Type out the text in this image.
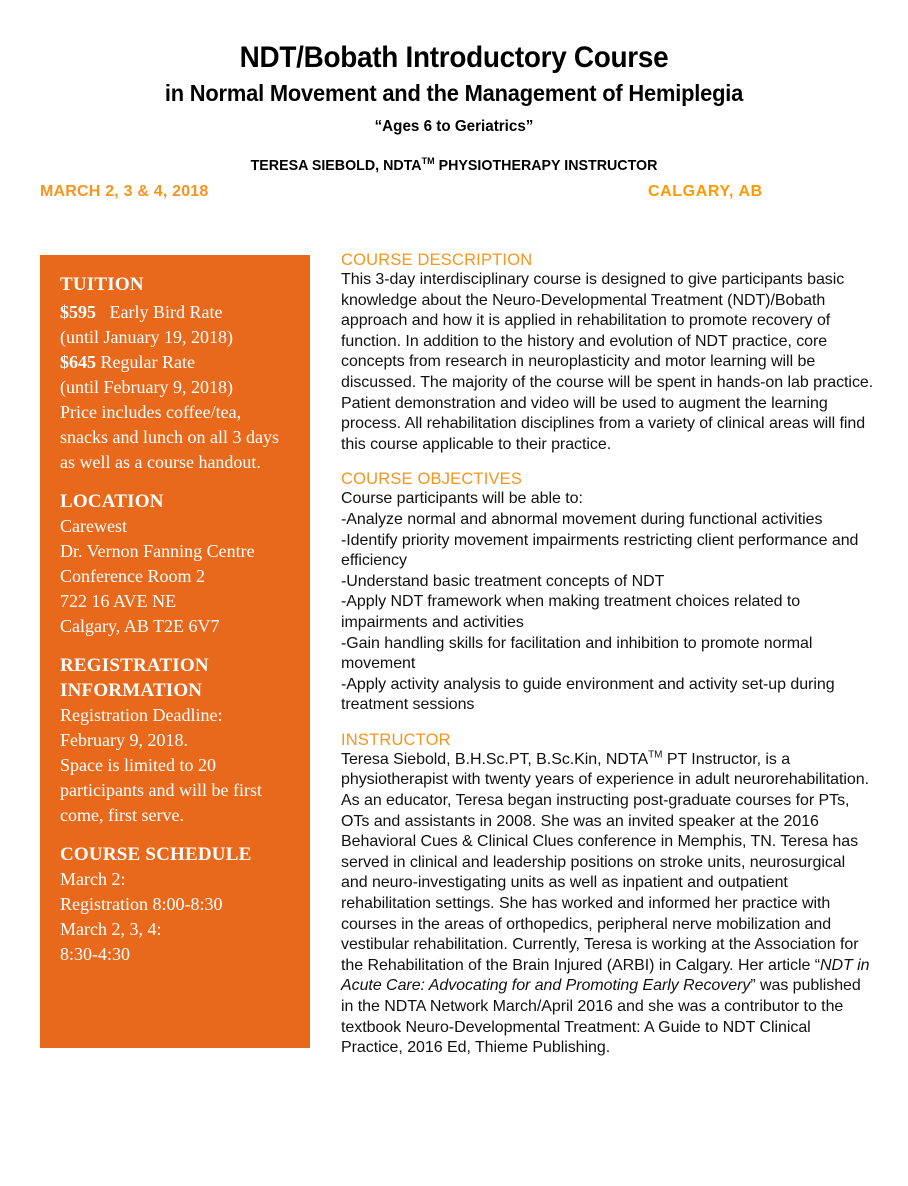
NDT/Bobath Introductory Course
in Normal Movement and the Management of Hemiplegia
“Ages 6 to Geriatrics”
TERESA SIEBOLD, NDTA™ PHYSIOTHERAPY INSTRUCTOR
MARCH 2, 3 & 4, 2018	CALGARY, AB
TUITION
$595 Early Bird Rate
(until January 19, 2018)
$645 Regular Rate
(until February 9, 2018)
Price includes coffee/tea,
snacks and lunch on all 3 days
as well as a course handout.
LOCATION
Carewest
Dr. Vernon Fanning Centre
Conference Room 2
722 16 AVE NE
Calgary, AB T2E 6V7
REGISTRATION
INFORMATION
Registration Deadline:
February 9, 2018.
Space is limited to 20
participants and will be first
come, first serve.
COURSE SCHEDULE
March 2:
Registration 8:00-8:30
March 2, 3, 4:
8:30-4:30
COURSE DESCRIPTION
This 3-day interdisciplinary course is designed to give participants basic knowledge about the Neuro-Developmental Treatment (NDT)/Bobath approach and how it is applied in rehabilitation to promote recovery of function. In addition to the history and evolution of NDT practice, core concepts from research in neuroplasticity and motor learning will be discussed. The majority of the course will be spent in hands-on lab practice. Patient demonstration and video will be used to augment the learning process. All rehabilitation disciplines from a variety of clinical areas will find this course applicable to their practice.
COURSE OBJECTIVES
Course participants will be able to:
-Analyze normal and abnormal movement during functional activities
-Identify priority movement impairments restricting client performance and efficiency
-Understand basic treatment concepts of NDT
-Apply NDT framework when making treatment choices related to impairments and activities
-Gain handling skills for facilitation and inhibition to promote normal movement
-Apply activity analysis to guide environment and activity set-up during treatment sessions
INSTRUCTOR
Teresa Siebold, B.H.Sc.PT, B.Sc.Kin, NDTA™ PT Instructor, is a physiotherapist with twenty years of experience in adult neurorehabilitation. As an educator, Teresa began instructing post-graduate courses for PTs, OTs and assistants in 2008. She was an invited speaker at the 2016 Behavioral Cues & Clinical Clues conference in Memphis, TN. Teresa has served in clinical and leadership positions on stroke units, neurosurgical and neuro-investigating units as well as inpatient and outpatient rehabilitation settings. She has worked and informed her practice with courses in the areas of orthopedics, peripheral nerve mobilization and vestibular rehabilitation. Currently, Teresa is working at the Association for the Rehabilitation of the Brain Injured (ARBI) in Calgary. Her article “NDT in Acute Care: Advocating for and Promoting Early Recovery” was published in the NDTA Network March/April 2016 and she was a contributor to the textbook Neuro-Developmental Treatment: A Guide to NDT Clinical Practice, 2016 Ed, Thieme Publishing.
